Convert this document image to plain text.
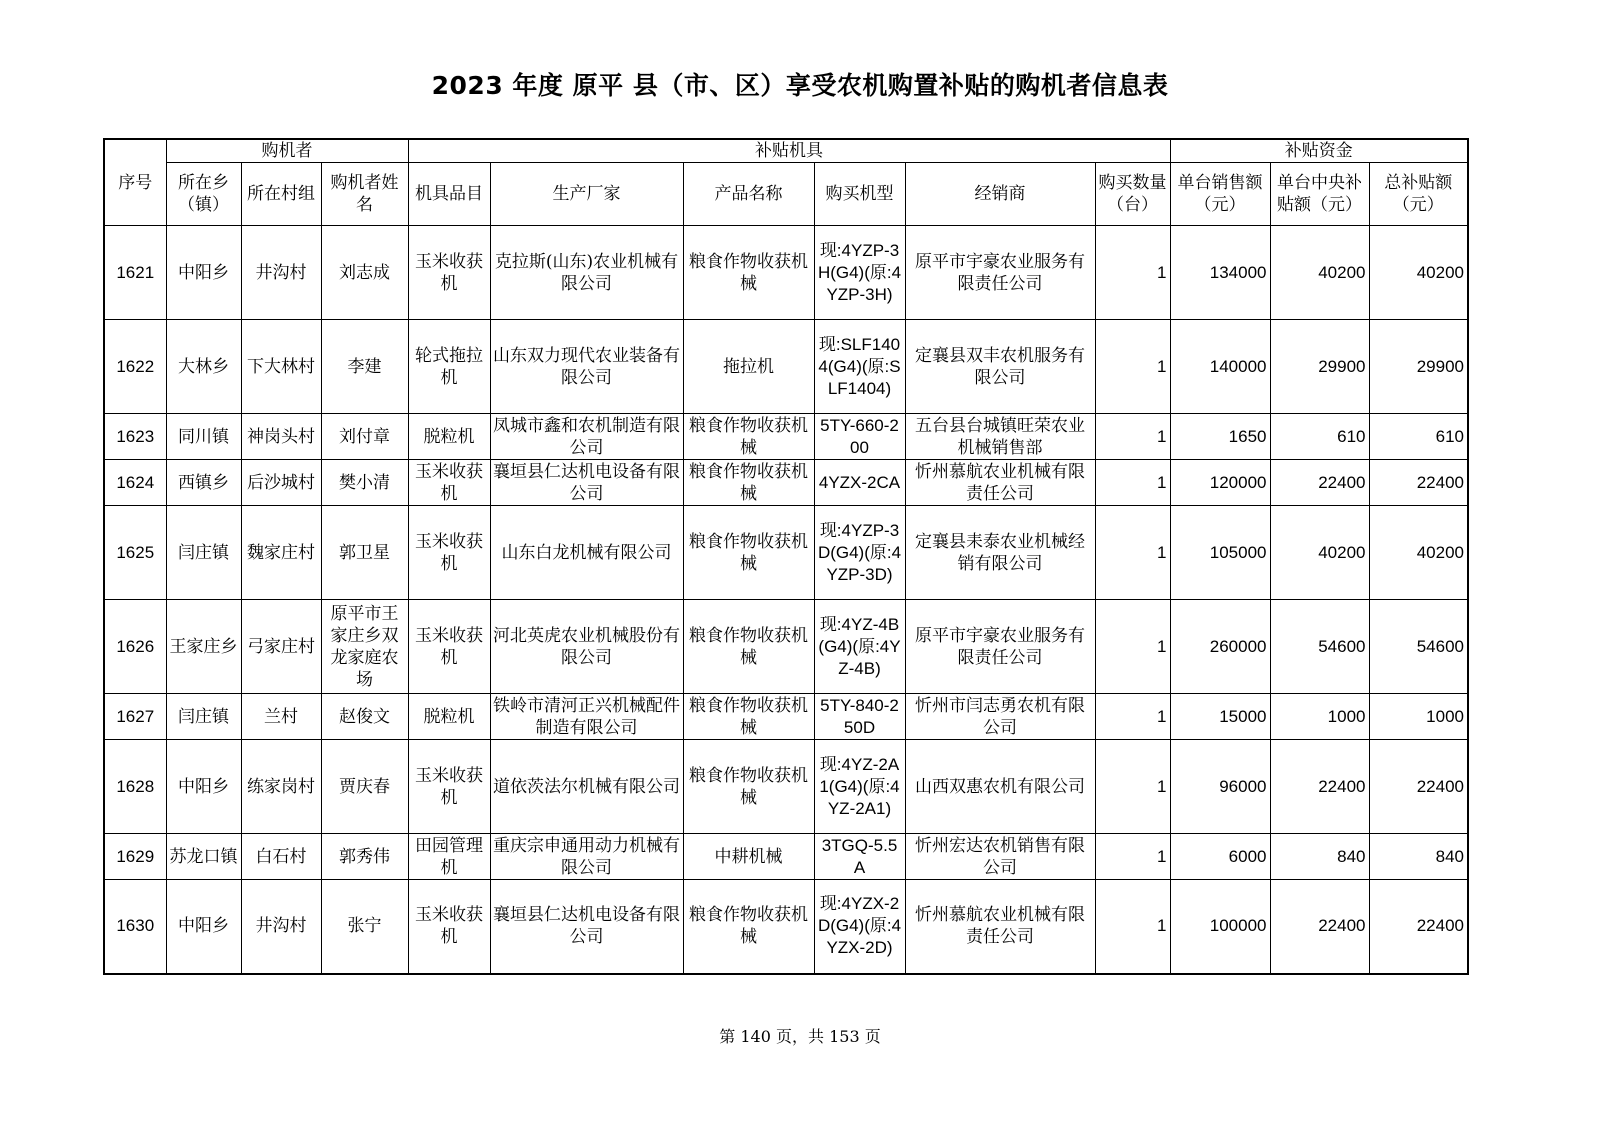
2023 年度 原平 县（市、区）享受农机购置补贴的购机者信息表
序号	购机者			补贴机具						补贴资金		
	所在乡（镇）	所在村组	购机者姓名	机具品目	生产厂家	产品名称	购买机型	经销商	购买数量（台）	单台销售额（元）	单台中央补贴额（元）	总补贴额（元）
1621	中阳乡	井沟村	刘志成	玉米收获机	克拉斯(山东)农业机械有限公司	粮食作物收获机械	现:4YZP-3H(G4)(原:4YZP-3H)	原平市宇豪农业服务有限责任公司	1	134000	40200	40200
1622	大林乡	下大林村	李建	轮式拖拉机	山东双力现代农业装备有限公司	拖拉机	现:SLF1404(G4)(原:SLF1404)	定襄县双丰农机服务有限公司	1	140000	29900	29900
1623	同川镇	神岗头村	刘付章	脱粒机	凤城市鑫和农机制造有限公司	粮食作物收获机械	5TY-660-200	五台县台城镇旺荣农业机械销售部	1	1650	610	610
1624	西镇乡	后沙城村	樊小清	玉米收获机	襄垣县仁达机电设备有限公司	粮食作物收获机械	4YZX-2CA	忻州慕航农业机械有限责任公司	1	120000	22400	22400
1625	闫庄镇	魏家庄村	郭卫星	玉米收获机	山东白龙机械有限公司	粮食作物收获机械	现:4YZP-3D(G4)(原:4YZP-3D)	定襄县耒泰农业机械经销有限公司	1	105000	40200	40200
1626	王家庄乡	弓家庄村	原平市王家庄乡双龙家庭农场	玉米收获机	河北英虎农业机械股份有限公司	粮食作物收获机械	现:4YZ-4B(G4)(原:4YZ-4B)	原平市宇豪农业服务有限责任公司	1	260000	54600	54600
1627	闫庄镇	兰村	赵俊文	脱粒机	铁岭市清河正兴机械配件制造有限公司	粮食作物收获机械	5TY-840-250D	忻州市闫志勇农机有限公司	1	15000	1000	1000
1628	中阳乡	练家岗村	贾庆春	玉米收获机	道依茨法尔机械有限公司	粮食作物收获机械	现:4YZ-2A1(G4)(原:4YZ-2A1)	山西双惠农机有限公司	1	96000	22400	22400
1629	苏龙口镇	白石村	郭秀伟	田园管理机	重庆宗申通用动力机械有限公司	中耕机械	3TGQ-5.5A	忻州宏达农机销售有限公司	1	6000	840	840
1630	中阳乡	井沟村	张宁	玉米收获机	襄垣县仁达机电设备有限公司	粮食作物收获机械	现:4YZX-2D(G4)(原:4YZX-2D)	忻州慕航农业机械有限责任公司	1	100000	22400	22400
第 140 页，共 153 页
